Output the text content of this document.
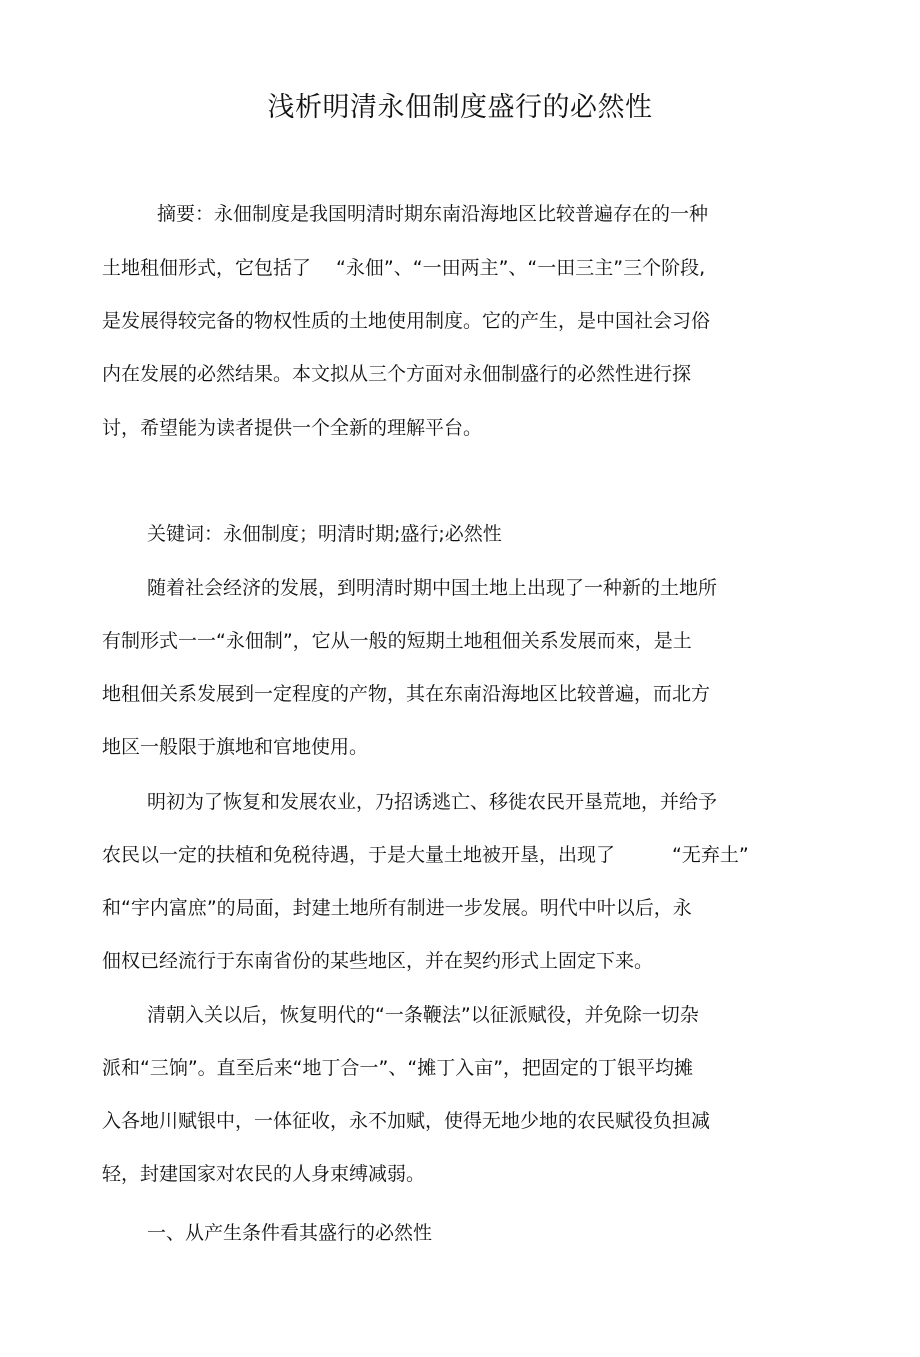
浅析明清永佃制度盛行的必然性
摘要：永佃制度是我国明清时期东南沿海地区比较普遍存在的一种
土地租佃形式，它包括了　 “永佃”、“一田两主”、“一田三主”三个阶段,
是发展得较完备的物权性质的土地使用制度。它的产生，是中国社会习俗
内在发展的必然结果。本文拟从三个方面对永佃制盛行的必然性进行探
讨，希望能为读者提供一个全新的理解平台。
关键词：永佃制度；明清时期;盛行;必然性
随着社会经济的发展，到明清时期中国土地上出现了一种新的土地所
有制形式一一“永佃制”，它从一般的短期土地租佃关系发展而來，是土
地租佃关系发展到一定程度的产物，其在东南沿海地区比较普遍，而北方
地区一般限于旗地和官地使用。
明初为了恢复和发展农业，乃招诱逃亡、移徙农民开垦荒地，并给予
农民以一定的扶植和免税待遇，于是大量土地被开垦，出现了　　　“无弃土”
和“宇内富庶”的局面，封建土地所有制进一步发展。明代中叶以后，永
佃权已经流行于东南省份的某些地区，并在契约形式上固定下来。
清朝入关以后，恢复明代的“一条鞭法”以征派赋役，并免除一切杂
派和“三饷”。直至后来“地丁合一”、“摊丁入亩”，把固定的丁银平均摊
入各地川赋银中，一体征收，永不加赋，使得无地少地的农民赋役负担减
轻，封建国家对农民的人身束缚减弱。
一、从产生条件看其盛行的必然性
